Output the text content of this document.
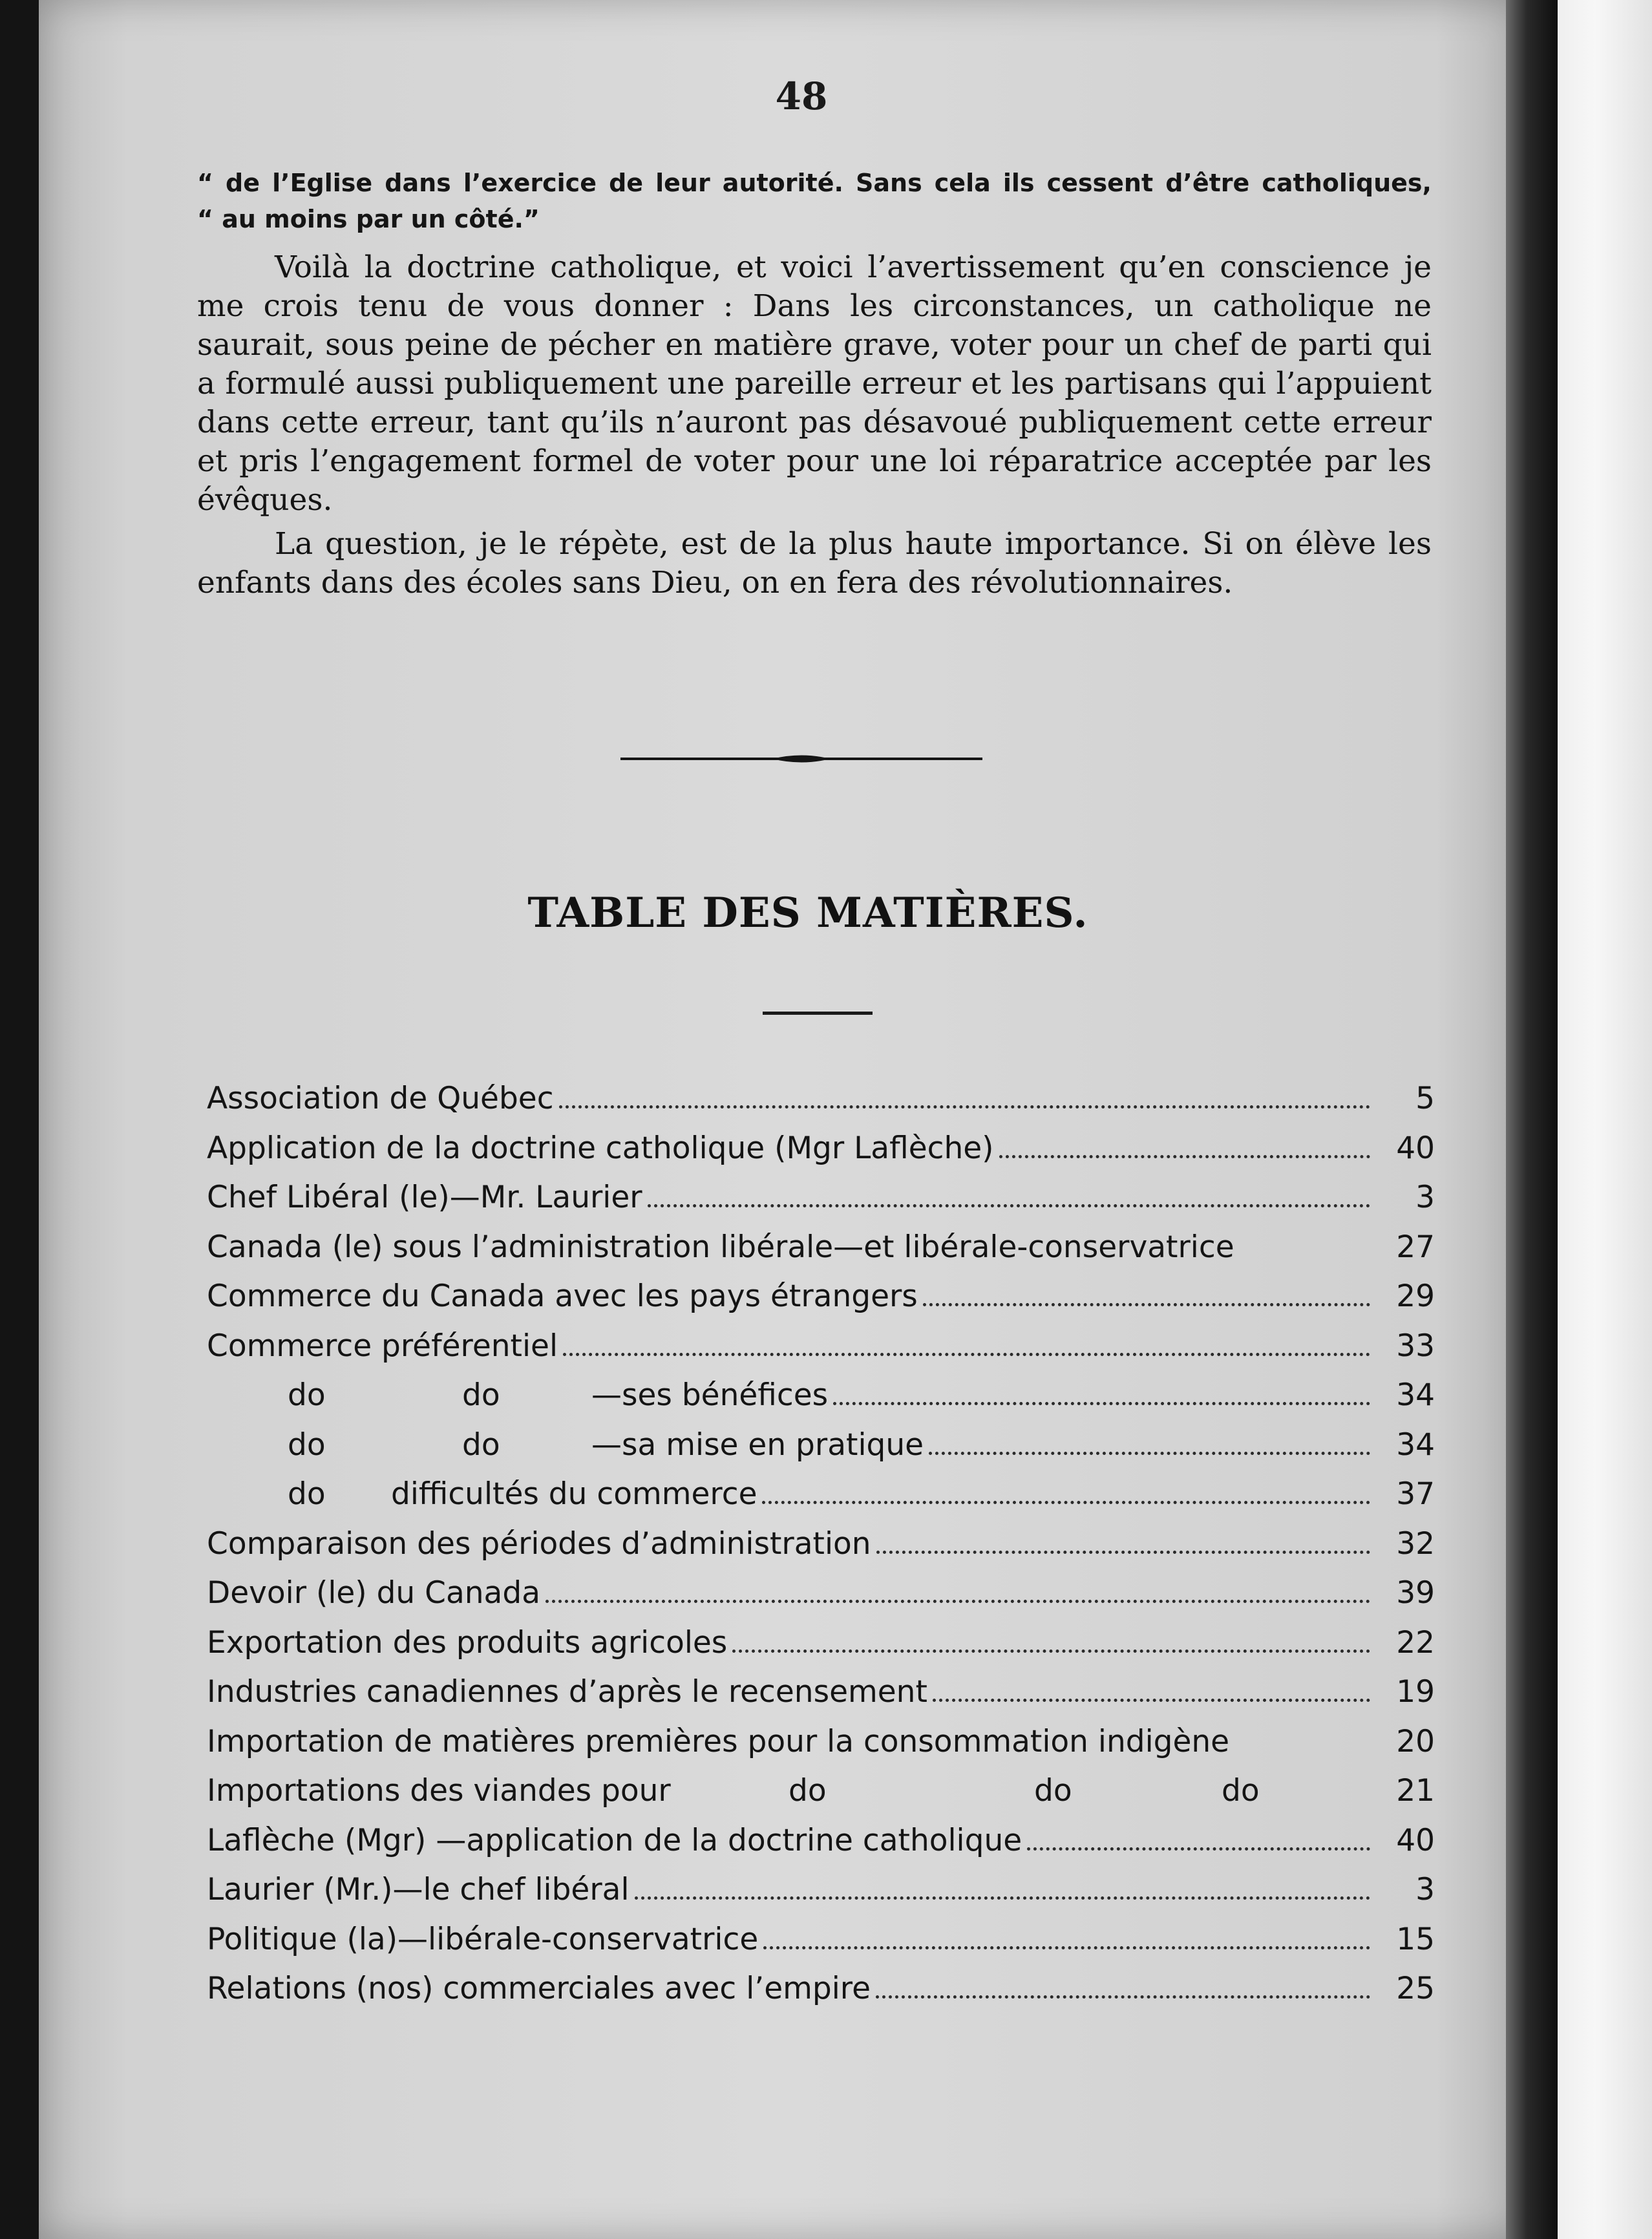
48
“ de l’Eglise dans l’exercice de leur autorité. Sans cela ils cessent d’être catholiques,
“ au moins par un côté.”
Voilà la doctrine catholique, et voici l’avertissement qu’en conscience je me crois tenu de vous donner : Dans les circonstances, un catholique ne saurait, sous peine de pécher en matière grave, voter pour un chef de parti qui a formulé aussi publiquement une pareille erreur et les partisans qui l’appuient dans cette erreur, tant qu’ils n’auront pas désavoué publiquement cette erreur et pris l’engagement formel de voter pour une loi réparatrice acceptée par les évêques.
La question, je le répète, est de la plus haute importance. Si on élève les enfants dans des écoles sans Dieu, on en fera des révolutionnaires.
TABLE DES MATIÈRES.
Association de Québec	5
Application de la doctrine catholique (Mgr Laflèche)	40
Chef Libéral (le)—Mr. Laurier	3
Canada (le) sous l’administration libérale—et libérale-conservatrice	27
Commerce du Canada avec les pays étrangers	29
Commerce préférentiel	33
do	do	—ses bénéfices	34
do	do	—sa mise en pratique	34
do	difficultés du commerce	37
Comparaison des périodes d’administration	32
Devoir (le) du Canada	39
Exportation des produits agricoles	22
Industries canadiennes d’après le recensement	19
Importation de matières premières pour la consommation indigène	20
Importations des viandes pour	do	do	do	21
Laflèche (Mgr) —application de la doctrine catholique	40
Laurier (Mr.)—le chef libéral	3
Politique (la)—libérale-conservatrice	15
Relations (nos) commerciales avec l’empire	25
